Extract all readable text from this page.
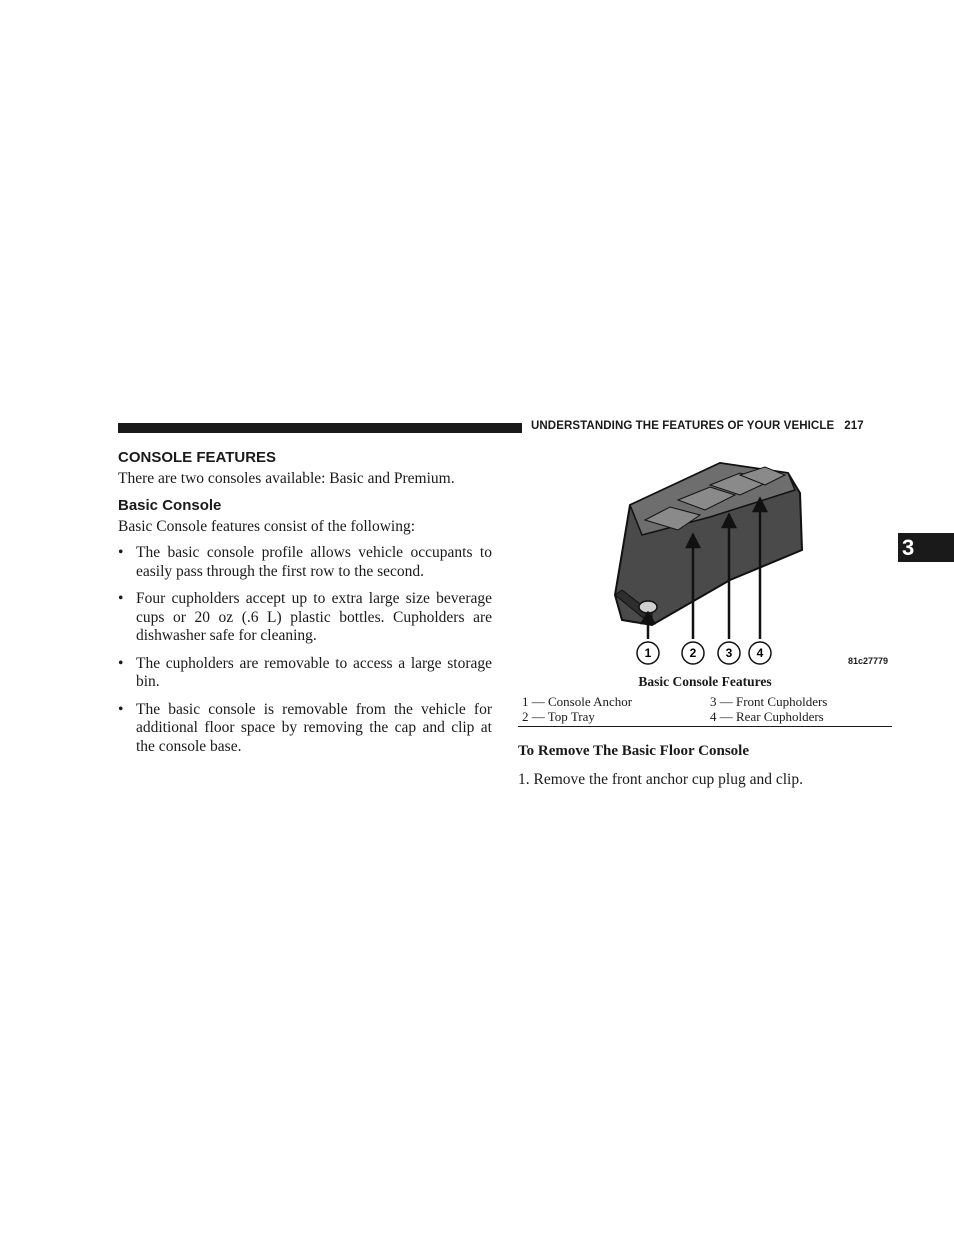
UNDERSTANDING THE FEATURES OF YOUR VEHICLE 217
3
CONSOLE FEATURES

There are two consoles available: Basic and Premium.

Basic Console

Basic Console features consist of the following:

• The basic console profile allows vehicle occupants to easily pass through the first row to the second.
• Four cupholders accept up to extra large size beverage cups or 20 oz (.6 L) plastic bottles. Cupholders are dishwasher safe for cleaning.
• The cupholders are removable to access a large storage bin.
• The basic console is removable from the vehicle for additional floor space by removing the cap and clip at the console base.
1	2 3 4
81c27779
Basic Console Features
1 — Console Anchor	3 — Front Cupholders
2 — Top Tray	4 — Rear Cupholders
To Remove The Basic Floor Console
1. Remove the front anchor cup plug and clip.
